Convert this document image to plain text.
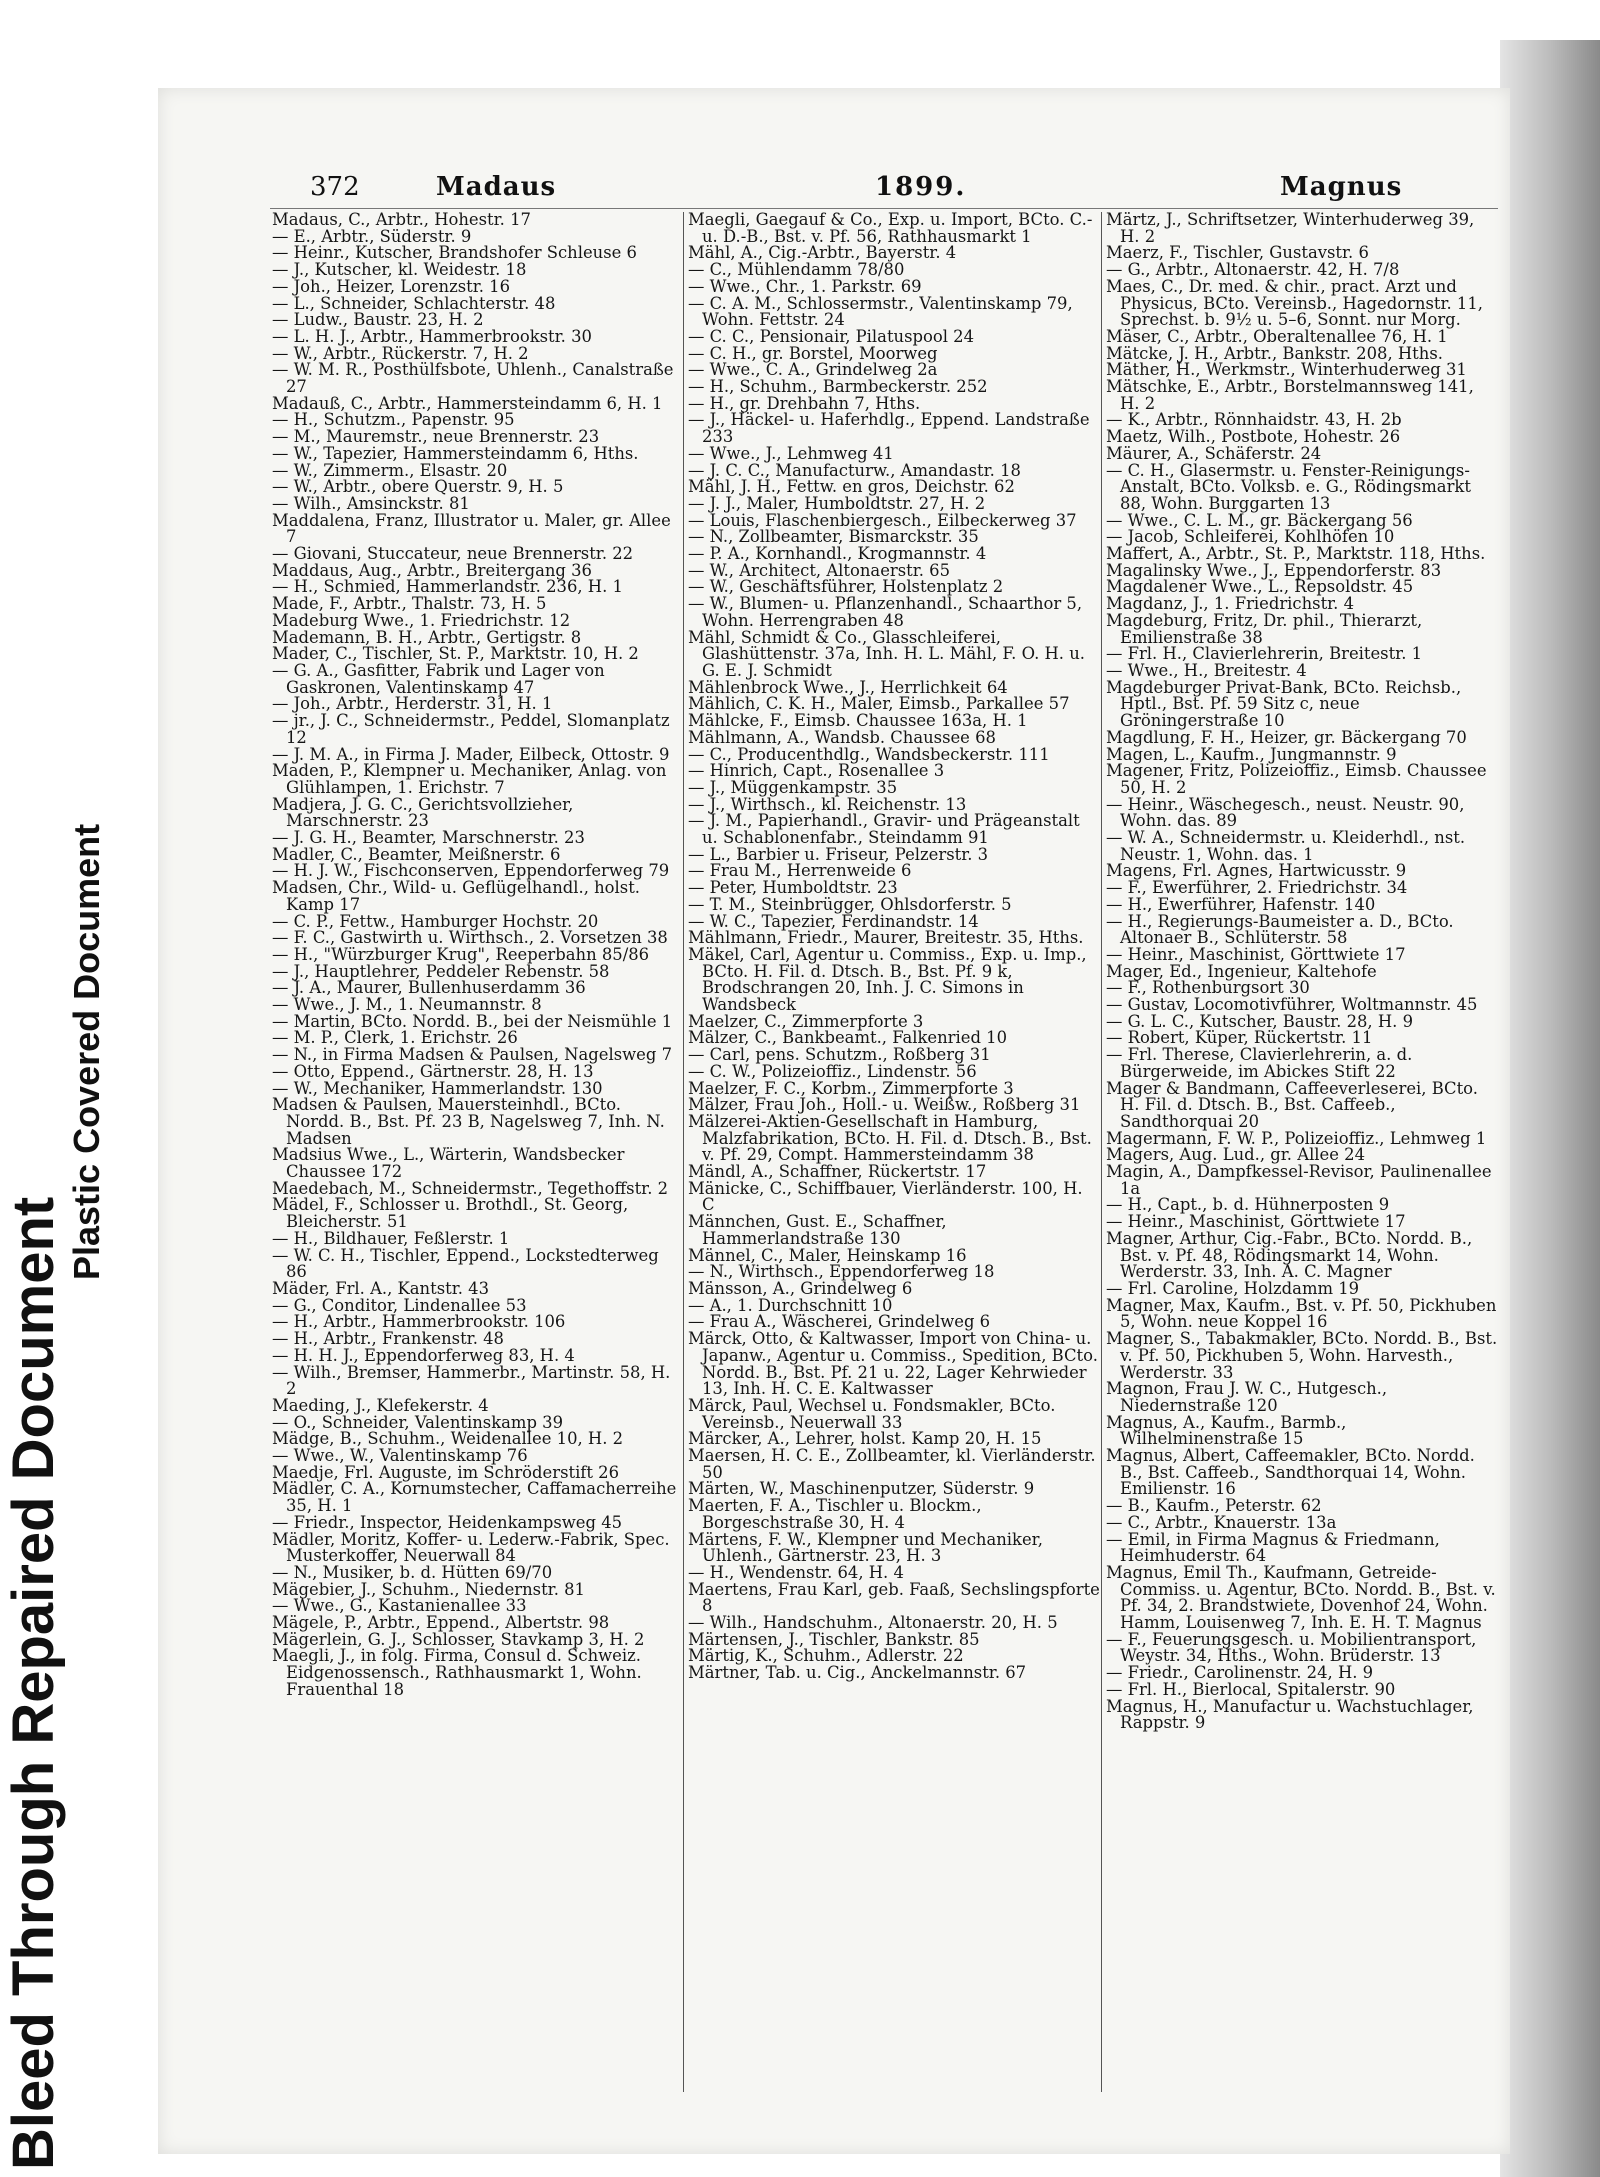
Bleed Through Repaired Document
Plastic Covered Document
372	Madaus	1899.	Magnus

Madaus, C., Arbtr., Hohestr. 17

— E., Arbtr., Süderstr. 9

— Heinr., Kutscher, Brandshofer Schleuse 6

— J., Kutscher, kl. Weidestr. 18

— Joh., Heizer, Lorenzstr. 16

— L., Schneider, Schlachterstr. 48

— Ludw., Baustr. 23, H. 2

— L. H. J., Arbtr., Hammerbrookstr. 30

— W., Arbtr., Rückerstr. 7, H. 2

— W. M. R., Posthülfsbote, Uhlenh., Canalstraße 27

Madauß, C., Arbtr., Hammersteindamm 6, H. 1

— H., Schutzm., Papenstr. 95

— M., Mauremstr., neue Brennerstr. 23

— W., Tapezier, Hammersteindamm 6, Hths.

— W., Zimmerm., Elsastr. 20

— W., Arbtr., obere Querstr. 9, H. 5

— Wilh., Amsinckstr. 81

Maddalena, Franz, Illustrator u. Maler, gr. Allee 7

— Giovani, Stuccateur, neue Brennerstr. 22

Maddaus, Aug., Arbtr., Breitergang 36

— H., Schmied, Hammerlandstr. 236, H. 1

Made, F., Arbtr., Thalstr. 73, H. 5

Madeburg Wwe., 1. Friedrichstr. 12

Mademann, B. H., Arbtr., Gertigstr. 8

Mader, C., Tischler, St. P., Marktstr. 10, H. 2

— G. A., Gasfitter, Fabrik und Lager von Gaskronen, Valentinskamp 47

— Joh., Arbtr., Herderstr. 31, H. 1

— jr., J. C., Schneidermstr., Peddel, Slomanplatz 12

— J. M. A., in Firma J. Mader, Eilbeck, Ottostr. 9

Maden, P., Klempner u. Mechaniker, Anlag. von Glühlampen, 1. Erichstr. 7

Madjera, J. G. C., Gerichtsvollzieher, Marschnerstr. 23

— J. G. H., Beamter, Marschnerstr. 23

Madler, C., Beamter, Meißnerstr. 6

— H. J. W., Fischconserven, Eppendorferweg 79

Madsen, Chr., Wild- u. Geflügelhandl., holst. Kamp 17

— C. P., Fettw., Hamburger Hochstr. 20

— F. C., Gastwirth u. Wirthsch., 2. Vorsetzen 38

— H., "Würzburger Krug", Reeperbahn 85/86

— J., Hauptlehrer, Peddeler Rebenstr. 58

— J. A., Maurer, Bullenhuserdamm 36

— Wwe., J. M., 1. Neumannstr. 8

— Martin, BCto. Nordd. B., bei der Neismühle 1

— M. P., Clerk, 1. Erichstr. 26

— N., in Firma Madsen & Paulsen, Nagelsweg 7

— Otto, Eppend., Gärtnerstr. 28, H. 13

— W., Mechaniker, Hammerlandstr. 130

Madsen & Paulsen, Mauersteinhdl., BCto. Nordd. B., Bst. Pf. 23 B, Nagelsweg 7, Inh. N. Madsen

Madsius Wwe., L., Wärterin, Wandsbecker Chaussee 172

Maedebach, M., Schneidermstr., Tegethoffstr. 2

Mädel, F., Schlosser u. Brothdl., St. Georg, Bleicherstr. 51

— H., Bildhauer, Feßlerstr. 1

— W. C. H., Tischler, Eppend., Lockstedterweg 86

Mäder, Frl. A., Kantstr. 43

— G., Conditor, Lindenallee 53

— H., Arbtr., Hammerbrookstr. 106

— H., Arbtr., Frankenstr. 48

— H. H. J., Eppendorferweg 83, H. 4

— Wilh., Bremser, Hammerbr., Martinstr. 58, H. 2

Maeding, J., Klefekerstr. 4

— O., Schneider, Valentinskamp 39

Mädge, B., Schuhm., Weidenallee 10, H. 2

— Wwe., W., Valentinskamp 76

Maedje, Frl. Auguste, im Schröderstift 26

Mädler, C. A., Kornumstecher, Caffamacherreihe 35, H. 1

— Friedr., Inspector, Heidenkampsweg 45

Mädler, Moritz, Koffer- u. Lederw.-Fabrik, Spec. Musterkoffer, Neuerwall 84

— N., Musiker, b. d. Hütten 69/70

Mägebier, J., Schuhm., Niedernstr. 81

— Wwe., G., Kastanienallee 33

Mägele, P., Arbtr., Eppend., Albertstr. 98

Mägerlein, G. J., Schlosser, Stavkamp 3, H. 2

Maegli, J., in folg. Firma, Consul d. Schweiz. Eidgenossensch., Rathhausmarkt 1, Wohn. Frauenthal 18

Maegli, Gaegauf & Co., Exp. u. Import, BCto. C.- u. D.-B., Bst. v. Pf. 56, Rathhausmarkt 1

Mähl, A., Cig.-Arbtr., Bayerstr. 4

— C., Mühlendamm 78/80

— Wwe., Chr., 1. Parkstr. 69

— C. A. M., Schlossermstr., Valentinskamp 79, Wohn. Fettstr. 24

— C. C., Pensionair, Pilatuspool 24

— C. H., gr. Borstel, Moorweg

— Wwe., C. A., Grindelweg 2a

— H., Schuhm., Barmbeckerstr. 252

— H., gr. Drehbahn 7, Hths.

— J., Häckel- u. Haferhdlg., Eppend. Landstraße 233

— Wwe., J., Lehmweg 41

— J. C. C., Manufacturw., Amandastr. 18

Mähl, J. H., Fettw. en gros, Deichstr. 62

— J. J., Maler, Humboldtstr. 27, H. 2

— Louis, Flaschenbiergesch., Eilbeckerweg 37

— N., Zollbeamter, Bismarckstr. 35

— P. A., Kornhandl., Krogmannstr. 4

— W., Architect, Altonaerstr. 65

— W., Geschäftsführer, Holstenplatz 2

— W., Blumen- u. Pflanzenhandl., Schaarthor 5, Wohn. Herrengraben 48

Mähl, Schmidt & Co., Glasschleiferei, Glashüttenstr. 37a, Inh. H. L. Mähl, F. O. H. u. G. E. J. Schmidt

Mählenbrock Wwe., J., Herrlichkeit 64

Mählich, C. K. H., Maler, Eimsb., Parkallee 57

Mählcke, F., Eimsb. Chaussee 163a, H. 1

Mählmann, A., Wandsb. Chaussee 68

— C., Producenthdlg., Wandsbeckerstr. 111

— Hinrich, Capt., Rosenallee 3

— J., Müggenkampstr. 35

— J., Wirthsch., kl. Reichenstr. 13

— J. M., Papierhandl., Gravir- und Prägeanstalt u. Schablonenfabr., Steindamm 91

— L., Barbier u. Friseur, Pelzerstr. 3

— Frau M., Herrenweide 6

— Peter, Humboldtstr. 23

— T. M., Steinbrügger, Ohlsdorferstr. 5

— W. C., Tapezier, Ferdinandstr. 14

Mählmann, Friedr., Maurer, Breitestr. 35, Hths.

Mäkel, Carl, Agentur u. Commiss., Exp. u. Imp., BCto. H. Fil. d. Dtsch. B., Bst. Pf. 9 k, Brodschrangen 20, Inh. J. C. Simons in Wandsbeck

Maelzer, C., Zimmerpforte 3

Mälzer, C., Bankbeamt., Falkenried 10

— Carl, pens. Schutzm., Roßberg 31

— C. W., Polizeioffiz., Lindenstr. 56

Maelzer, F. C., Korbm., Zimmerpforte 3

Mälzer, Frau Joh., Holl.- u. Weißw., Roßberg 31

Mälzerei-Aktien-Gesellschaft in Hamburg, Malzfabrikation, BCto. H. Fil. d. Dtsch. B., Bst. v. Pf. 29, Compt. Hammersteindamm 38

Mändl, A., Schaffner, Rückertstr. 17

Mänicke, C., Schiffbauer, Vierländerstr. 100, H. C

Männchen, Gust. E., Schaffner, Hammerlandstraße 130

Männel, C., Maler, Heinskamp 16

— N., Wirthsch., Eppendorferweg 18

Mänsson, A., Grindelweg 6

— A., 1. Durchschnitt 10

— Frau A., Wäscherei, Grindelweg 6

Märck, Otto, & Kaltwasser, Import von China- u. Japanw., Agentur u. Commiss., Spedition, BCto. Nordd. B., Bst. Pf. 21 u. 22, Lager Kehrwieder 13, Inh. H. C. E. Kaltwasser

Märck, Paul, Wechsel u. Fondsmakler, BCto. Vereinsb., Neuerwall 33

Märcker, A., Lehrer, holst. Kamp 20, H. 15

Maersen, H. C. E., Zollbeamter, kl. Vierländerstr. 50

Märten, W., Maschinenputzer, Süderstr. 9

Maerten, F. A., Tischler u. Blockm., Borgeschstraße 30, H. 4

Märtens, F. W., Klempner und Mechaniker, Uhlenh., Gärtnerstr. 23, H. 3

— H., Wendenstr. 64, H. 4

Maertens, Frau Karl, geb. Faaß, Sechslingspforte 8

— Wilh., Handschuhm., Altonaerstr. 20, H. 5

Märtensen, J., Tischler, Bankstr. 85

Märtig, K., Schuhm., Adlerstr. 22

Märtner, Tab. u. Cig., Anckelmannstr. 67

Märtz, J., Schriftsetzer, Winterhuderweg 39, H. 2

Maerz, F., Tischler, Gustavstr. 6

— G., Arbtr., Altonaerstr. 42, H. 7/8

Maes, C., Dr. med. & chir., pract. Arzt und Physicus, BCto. Vereinsb., Hagedornstr. 11, Sprechst. b. 9½ u. 5–6, Sonnt. nur Morg.

Mäser, C., Arbtr., Oberaltenallee 76, H. 1

Mätcke, J. H., Arbtr., Bankstr. 208, Hths.

Mäther, H., Werkmstr., Winterhuderweg 31

Mätschke, E., Arbtr., Borstelmannsweg 141, H. 2

— K., Arbtr., Rönnhaidstr. 43, H. 2b

Maetz, Wilh., Postbote, Hohestr. 26

Mäurer, A., Schäferstr. 24

— C. H., Glasermstr. u. Fenster-Reinigungs-Anstalt, BCto. Volksb. e. G., Rödingsmarkt 88, Wohn. Burggarten 13

— Wwe., C. L. M., gr. Bäckergang 56

— Jacob, Schleiferei, Kohlhöfen 10

Maffert, A., Arbtr., St. P., Marktstr. 118, Hths.

Magalinsky Wwe., J., Eppendorferstr. 83

Magdalener Wwe., L., Repsoldstr. 45

Magdanz, J., 1. Friedrichstr. 4

Magdeburg, Fritz, Dr. phil., Thierarzt, Emilienstraße 38

— Frl. H., Clavierlehrerin, Breitestr. 1

— Wwe., H., Breitestr. 4

Magdeburger Privat-Bank, BCto. Reichsb., Hptl., Bst. Pf. 59 Sitz c, neue Gröningerstraße 10

Magdlung, F. H., Heizer, gr. Bäckergang 70

Magen, L., Kaufm., Jungmannstr. 9

Magener, Fritz, Polizeioffiz., Eimsb. Chaussee 50, H. 2

— Heinr., Wäschegesch., neust. Neustr. 90, Wohn. das. 89

— W. A., Schneidermstr. u. Kleiderhdl., nst. Neustr. 1, Wohn. das. 1

Magens, Frl. Agnes, Hartwicusstr. 9

— F., Ewerführer, 2. Friedrichstr. 34

— H., Ewerführer, Hafenstr. 140

— H., Regierungs-Baumeister a. D., BCto. Altonaer B., Schlüterstr. 58

— Heinr., Maschinist, Görttwiete 17

Mager, Ed., Ingenieur, Kaltehofe

— F., Rothenburgsort 30

— Gustav, Locomotivführer, Woltmannstr. 45

— G. L. C., Kutscher, Baustr. 28, H. 9

— Robert, Küper, Rückertstr. 11

— Frl. Therese, Clavierlehrerin, a. d. Bürgerweide, im Abickes Stift 22

Mager & Bandmann, Caffeeverleserei, BCto. H. Fil. d. Dtsch. B., Bst. Caffeeb., Sandthorquai 20

Magermann, F. W. P., Polizeioffiz., Lehmweg 1

Magers, Aug. Lud., gr. Allee 24

Magin, A., Dampfkessel-Revisor, Paulinenallee 1a

— H., Capt., b. d. Hühnerposten 9

— Heinr., Maschinist, Görttwiete 17

Magner, Arthur, Cig.-Fabr., BCto. Nordd. B., Bst. v. Pf. 48, Rödingsmarkt 14, Wohn. Werderstr. 33, Inh. A. C. Magner

— Frl. Caroline, Holzdamm 19

Magner, Max, Kaufm., Bst. v. Pf. 50, Pickhuben 5, Wohn. neue Koppel 16

Magner, S., Tabakmakler, BCto. Nordd. B., Bst. v. Pf. 50, Pickhuben 5, Wohn. Harvesth., Werderstr. 33

Magnon, Frau J. W. C., Hutgesch., Niedernstraße 120

Magnus, A., Kaufm., Barmb., Wilhelminenstraße 15

Magnus, Albert, Caffeemakler, BCto. Nordd. B., Bst. Caffeeb., Sandthorquai 14, Wohn. Emilienstr. 16

— B., Kaufm., Peterstr. 62

— C., Arbtr., Knauerstr. 13a

— Emil, in Firma Magnus & Friedmann, Heimhuderstr. 64

Magnus, Emil Th., Kaufmann, Getreide-Commiss. u. Agentur, BCto. Nordd. B., Bst. v. Pf. 34, 2. Brandstwiete, Dovenhof 24, Wohn. Hamm, Louisenweg 7, Inh. E. H. T. Magnus

— F., Feuerungsgesch. u. Mobilientransport, Weystr. 34, Hths., Wohn. Brüderstr. 13

— Friedr., Carolinenstr. 24, H. 9

— Frl. H., Bierlocal, Spitalerstr. 90

Magnus, H., Manufactur u. Wachstuchlager, Rappstr. 9
